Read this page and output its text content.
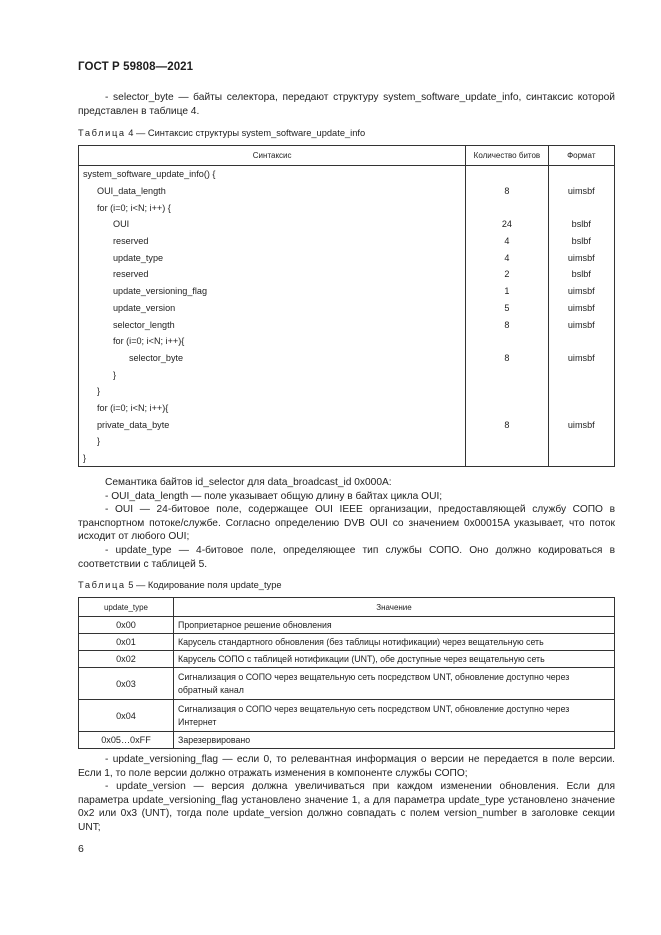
ГОСТ Р 59808—2021

- selector_byte — байты селектора, передают структуру system_software_update_info, синтаксис которой представлен в таблице 4.

Таблица 4 — Синтаксис структуры system_software_update_info
Синтаксис	Количество битов	Формат
system_software_update_info() {		
OUI_data_length	8	uimsbf
for (i=0; i<N; i++) {		
OUI	24	bslbf
reserved	4	bslbf
update_type	4	uimsbf
reserved	2	bslbf
update_versioning_flag	1	uimsbf
update_version	5	uimsbf
selector_length	8	uimsbf
for (i=0; i<N; i++){		
selector_byte	8	uimsbf
}		
}		
for (i=0; i<N; i++){		
private_data_byte	8	uimsbf
}		
}		

Семантика байтов id_selector для data_broadcast_id 0x000A:

- OUI_data_length — поле указывает общую длину в байтах цикла OUI;

- OUI — 24-битовое поле, содержащее OUI IEEE организации, предоставляющей службу СОПО в транспортном потоке/службе. Согласно определению DVB OUI со значением 0x00015A указывает, что поток исходит от любого OUI;

- update_type — 4-битовое поле, определяющее тип службы СОПО. Оно должно кодироваться в соответствии с таблицей 5.

Таблица 5 — Кодирование поля update_type
update_type	Значение
0x00	Проприетарное решение обновления
0x01	Карусель стандартного обновления (без таблицы нотификации) через вещательную сеть
0x02	Карусель СОПО с таблицей нотификации (UNT), обе доступные через вещательную сеть
0x03	Сигнализация о СОПО через вещательную сеть посредством UNT, обновление доступно через обратный канал
0x04	Сигнализация о СОПО через вещательную сеть посредством UNT, обновление доступно через Интернет
0x05…0xFF	Зарезервировано

- update_versioning_flag — если 0, то релевантная информация о версии не передается в поле версии. Если 1, то поле версии должно отражать изменения в компоненте службы СОПО;

- update_version — версия должна увеличиваться при каждом изменении обновления. Если для параметра update_versioning_flag установлено значение 1, а для параметра update_type установлено значение 0x2 или 0x3 (UNT), тогда поле update_version должно совпадать с полем version_number в заголовке секции UNT;

6
